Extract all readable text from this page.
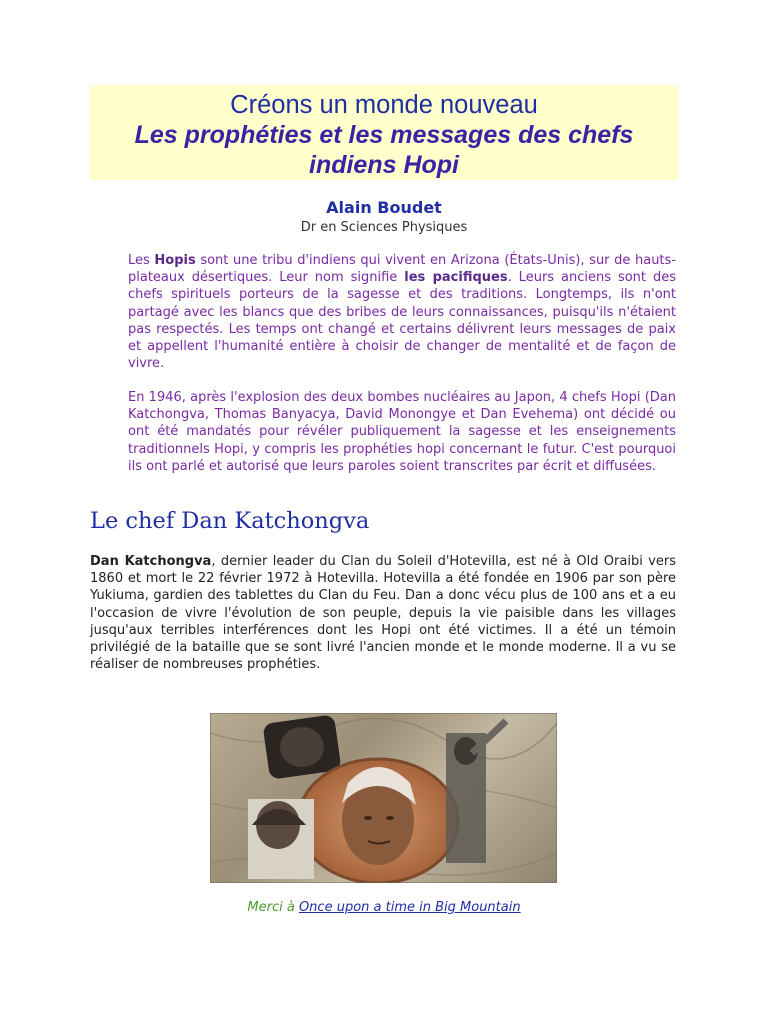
Créons un monde nouveau
Les prophéties et les messages des chefs indiens Hopi
Alain Boudet
Dr en Sciences Physiques

Les Hopis sont une tribu d'indiens qui vivent en Arizona (États-Unis), sur de hauts-plateaux désertiques. Leur nom signifie les pacifiques. Leurs anciens sont des chefs spirituels porteurs de la sagesse et des traditions. Longtemps, ils n'ont partagé avec les blancs que des bribes de leurs connaissances, puisqu'ils n'étaient pas respectés. Les temps ont changé et certains délivrent leurs messages de paix et appellent l'humanité entière à choisir de changer de mentalité et de façon de vivre.

En 1946, après l'explosion des deux bombes nucléaires au Japon, 4 chefs Hopi (Dan Katchongva, Thomas Banyacya, David Monongye et Dan Evehema) ont décidé ou ont été mandatés pour révéler publiquement la sagesse et les enseignements traditionnels Hopi, y compris les prophéties hopi concernant le futur. C'est pourquoi ils ont parlé et autorisé que leurs paroles soient transcrites par écrit et diffusées.

Le chef Dan Katchongva

Dan Katchongva, dernier leader du Clan du Soleil d'Hotevilla, est né à Old Oraibi vers 1860 et mort le 22 février 1972 à Hotevilla. Hotevilla a été fondée en 1906 par son père Yukiuma, gardien des tablettes du Clan du Feu. Dan a donc vécu plus de 100 ans et a eu l'occasion de vivre l'évolution de son peuple, depuis la vie paisible dans les villages jusqu'aux terribles interférences dont les Hopi ont été victimes. Il a été un témoin privilégié de la bataille que se sont livré l'ancien monde et le monde moderne. Il a vu se réaliser de nombreuses prophéties.

Merci à Once upon a time in Big Mountain
